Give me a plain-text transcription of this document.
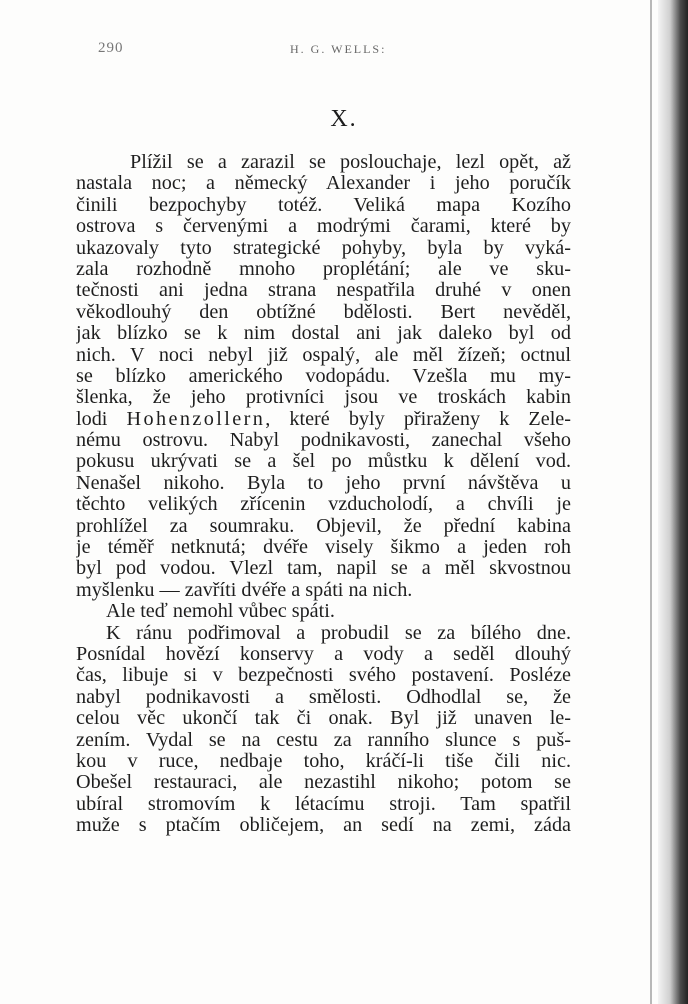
290	H. G. WELLS:
X.
Plížil se a zarazil se poslouchaje, lezl opět, až
nastala noc; a německý Alexander i jeho poručík
činili bezpochyby totéž. Veliká mapa Kozího
ostrova s červenými a modrými čarami, které by
ukazovaly tyto strategické pohyby, byla by vyká-
zala rozhodně mnoho proplétání; ale ve sku-
tečnosti ani jedna strana nespatřila druhé v onen
věkodlouhý den obtížné bdělosti. Bert nevěděl,
jak blízko se k nim dostal ani jak daleko byl od
nich. V noci nebyl již ospalý, ale měl žízeň; octnul
se blízko amerického vodopádu. Vzešla mu my-
šlenka, že jeho protivníci jsou ve troskách kabin
lodi Hohenzollern, které byly přiraženy k Zele-
nému ostrovu. Nabyl podnikavosti, zanechal všeho
pokusu ukrývati se a šel po můstku k dělení vod.
Nenašel nikoho. Byla to jeho první návštěva u
těchto velikých zřícenin vzducholodí, a chvíli je
prohlížel za soumraku. Objevil, že přední kabina
je téměř netknutá; dvéře visely šikmo a jeden roh
byl pod vodou. Vlezl tam, napil se a měl skvostnou
myšlenku — zavříti dvéře a spáti na nich.
Ale teď nemohl vůbec spáti.
K ránu podřimoval a probudil se za bílého dne.
Posnídal hovězí konservy a vody a seděl dlouhý
čas, libuje si v bezpečnosti svého postavení. Posléze
nabyl podnikavosti a smělosti. Odhodlal se, že
celou věc ukončí tak či onak. Byl již unaven le-
zením. Vydal se na cestu za ranního slunce s puš-
kou v ruce, nedbaje toho, kráčí-li tiše čili nic.
Obešel restauraci, ale nezastihl nikoho; potom se
ubíral stromovím k létacímu stroji. Tam spatřil
muže s ptačím obličejem, an sedí na zemi, záda
